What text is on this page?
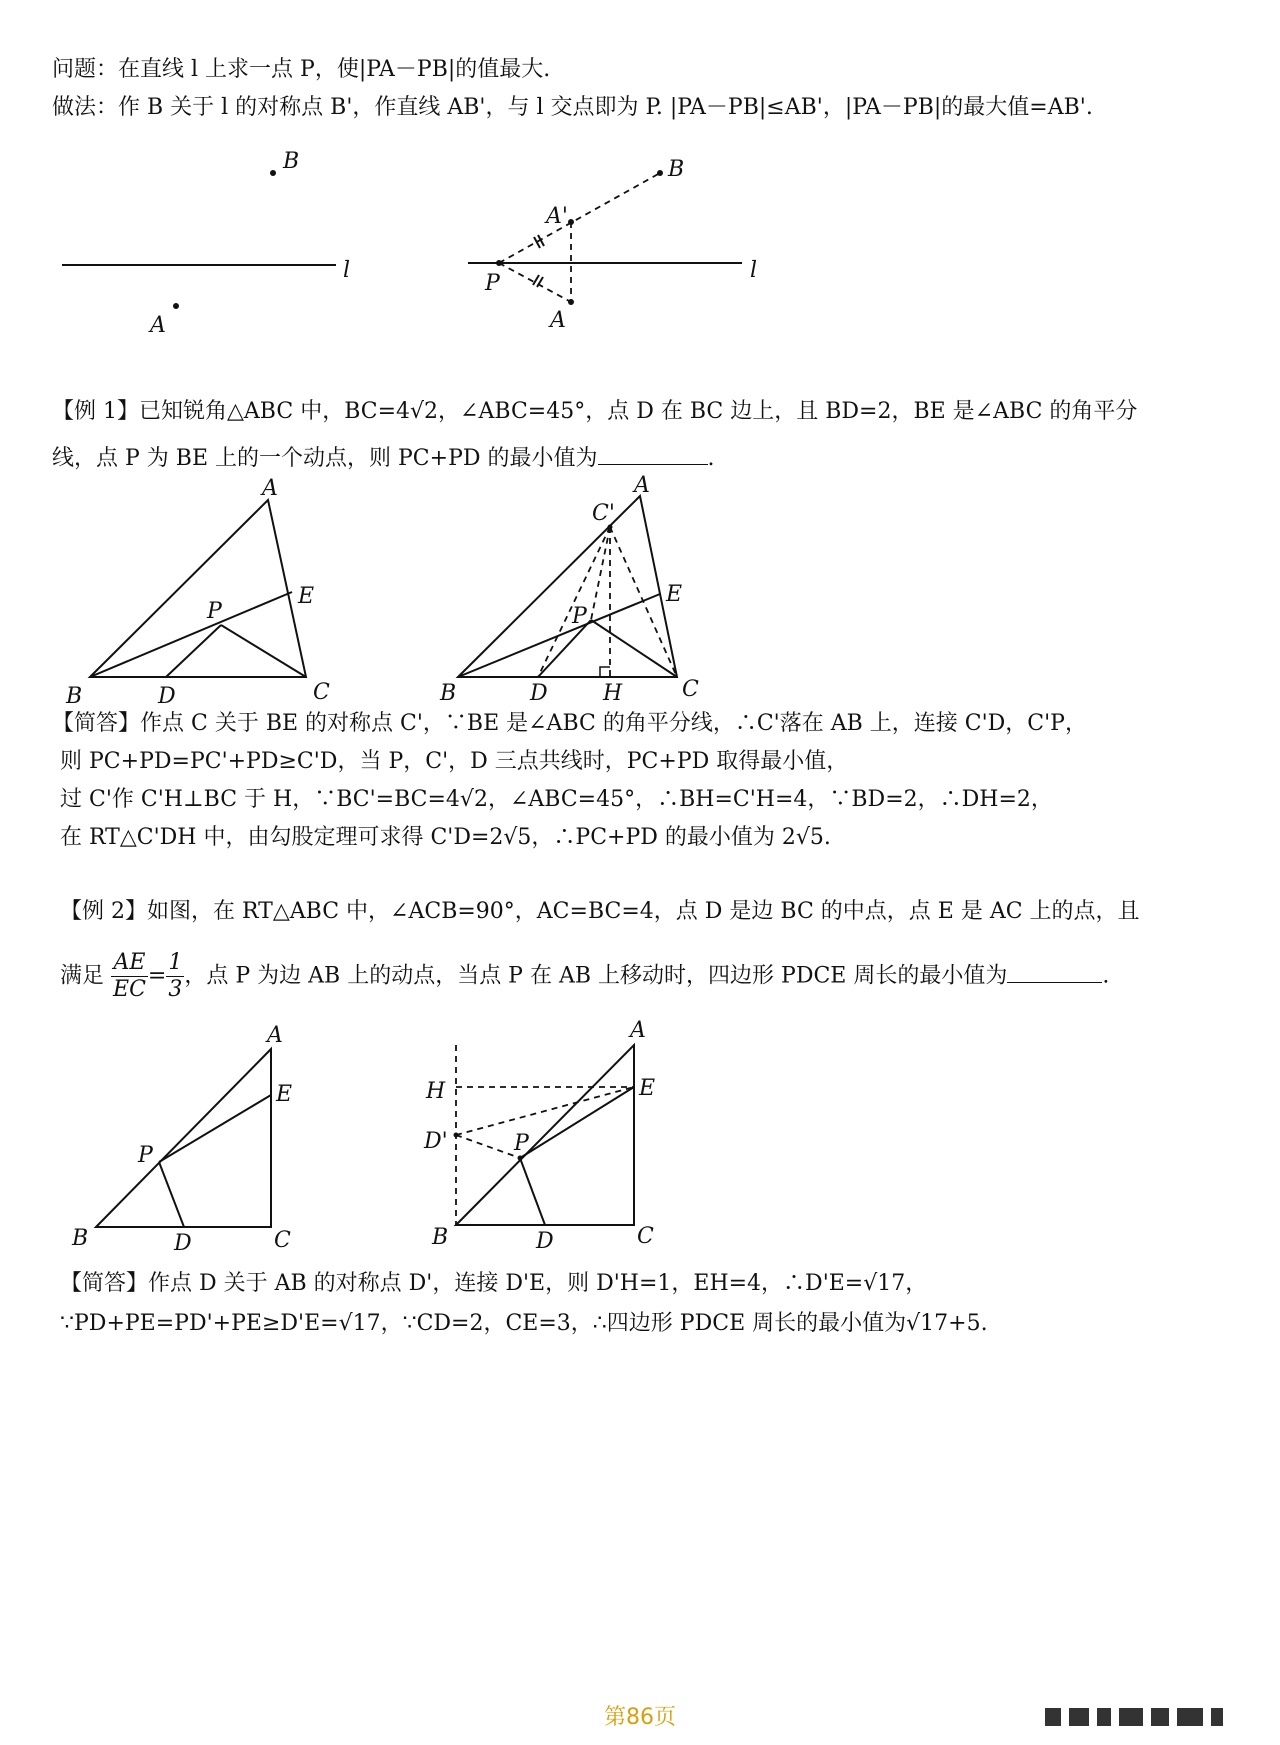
问题：在直线 l 上求一点 P，使|PA－PB|的值最大.
做法：作 B 关于 l 的对称点 B'，作直线 AB'，与 l 交点即为 P. |PA－PB|≤AB'，|PA－PB|的最大值=AB'.
B
A
l
B
A'
A
P
l
【例 1】已知锐角△ABC 中，BC=4√2，∠ABC=45°，点 D 在 BC 边上，且 BD=2，BE 是∠ABC 的角平分
线，点 P 为 BE 上的一个动点，则 PC+PD 的最小值为	.
A
E
P
B	D	C
A
C'
E
P
B	D	H	C
【简答】作点 C 关于 BE 的对称点 C'，∵BE 是∠ABC 的角平分线，∴C'落在 AB 上，连接 C'D，C'P，
则 PC+PD=PC'+PD≥C'D，当 P，C'，D 三点共线时，PC+PD 取得最小值，
过 C'作 C'H⊥BC 于 H，∵BC'=BC=4√2，∠ABC=45°，∴BH=C'H=4，∵BD=2，∴DH=2，
在 RT△C'DH 中，由勾股定理可求得 C'D=2√5，∴PC+PD 的最小值为 2√5.
【例 2】如图，在 RT△ABC 中，∠ACB=90°，AC=BC=4，点 D 是边 BC 的中点，点 E 是 AC 上的点，且
满足 $\frac{AE}{EC} = \frac{1}{3}$ ，点 P 为边 AB 上的动点，当点 P 在 AB 上移动时，四边形 PDCE 周长的最小值为	.
A
E
P
B	D	C
A
E
H
D'	P
B	D	C
【简答】作点 D 关于 AB 的对称点 D'，连接 D'E，则 D'H=1，EH=4，∴D'E=√17，
∵PD+PE=PD'+PE≥D'E=√17，∵CD=2，CE=3，∴四边形 PDCE 周长的最小值为√17+5.
第86页
